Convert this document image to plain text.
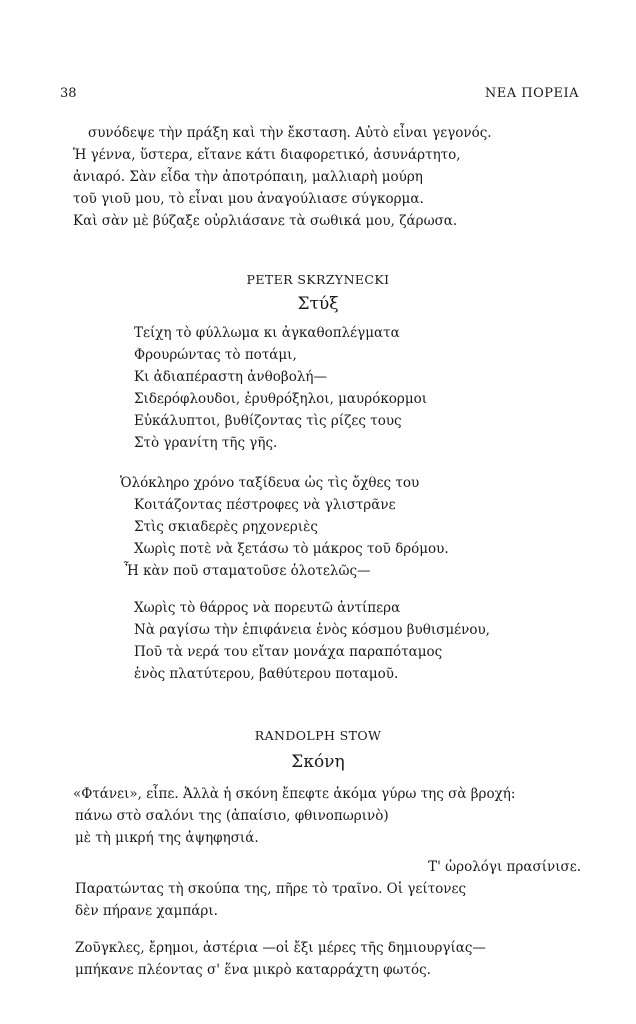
38	ΝΕΑ ΠΟΡΕΙΑ
συνόδεψε τὴν πράξη καὶ τὴν ἔκσταση. Αὐτὸ εἶναι γεγονός.
Ἡ γέννα, ὕστερα, εἴτανε κάτι διαφορετικό, ἀσυνάρτητο,
ἀνιαρό. Σὰν εἶδα τὴν ἀποτρόπαιη, μαλλιαρὴ μούρη
τοῦ γιοῦ μου, τὸ εἶναι μου ἀναγούλιασε σύγκορμα.
Καὶ σὰν μὲ βύζαξε οὐρλιάσανε τὰ σωθικά μου, ζάρωσα.
PETER SKRZYNECKI
Στύξ
Τείχη τὸ φύλλωμα κι ἀγκαθοπλέγματα
Φρουρώντας τὸ ποτάμι,
Κι ἀδιαπέραστη ἀνθοβολή—
Σιδερόφλουδοι, ἐρυθρόξηλοι, μαυρόκορμοι
Εὐκάλυπτοι, βυθίζοντας τὶς ρίζες τους
Στὸ γρανίτη τῆς γῆς.
Ὁλόκληρο χρόνο ταξίδευα ὡς τὶς ὄχθες του
Κοιτάζοντας πέστροφες νὰ γλιστρᾶνε
Στὶς σκιαδερὲς ρηχονεριὲς
Χωρὶς ποτὲ νὰ ξετάσω τὸ μάκρος τοῦ δρόμου.
Ἦ κὰν ποῦ σταματοῦσε ὁλοτελῶς—
Χωρὶς τὸ θάρρος νὰ πορευτῶ ἀντίπερα
Νὰ ραγίσω τὴν ἐπιφάνεια ἑνὸς κόσμου βυθισμένου,
Ποῦ τὰ νερά του εἴταν μονάχα παραπόταμος
ἑνὸς πλατύτερου, βαθύτερου ποταμοῦ.
RANDOLPH STOW
Σκόνη
«Φτάνει», εἶπε. Ἀλλὰ ἡ σκόνη ἔπεφτε ἀκόμα γύρω της σὰ βροχή:
πάνω στὸ σαλόνι της (ἀπαίσιο, φθινοπωρινὸ)
μὲ τὴ μικρή της ἀψηφησιά.
Τ' ὡρολόγι πρασίνισε.
Παρατώντας τὴ σκούπα της, πῆρε τὸ τραῖνο. Οἱ γείτονες
δὲν πήρανε χαμπάρι.
Ζοῦγκλες, ἔρημοι, ἀστέρια —οἱ ἔξι μέρες τῆς δημιουργίας—
μπήκανε πλέοντας σ' ἕνα μικρὸ καταρράχτη φωτός.
